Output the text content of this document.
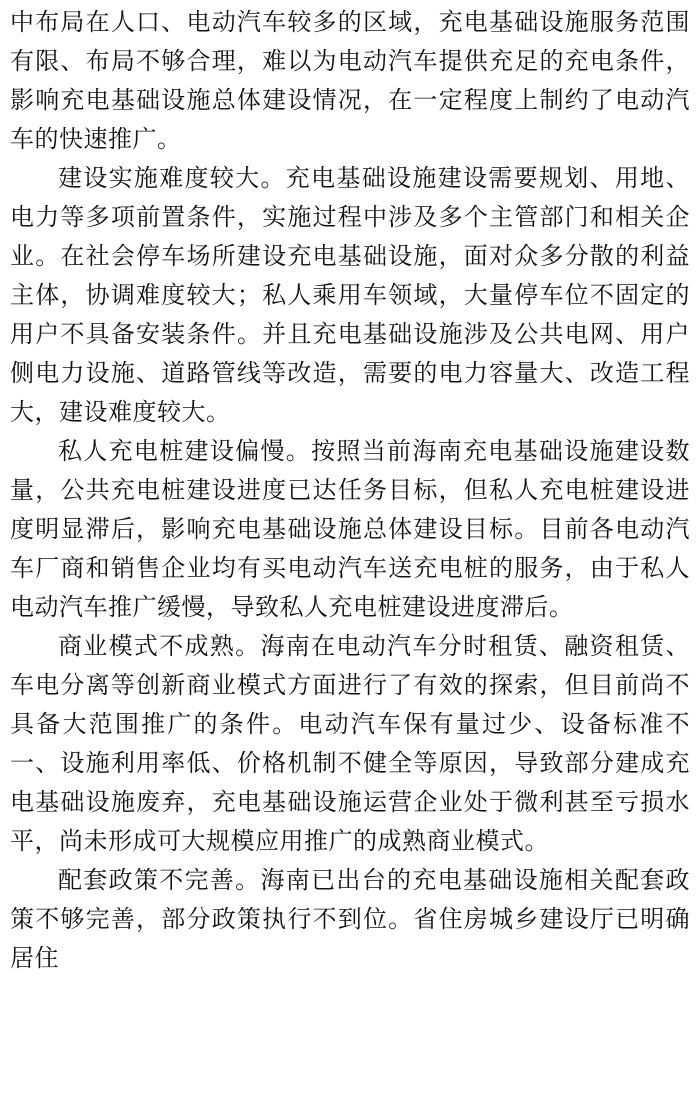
中布局在人口、电动汽车较多的区域，充电基础设施服务范围有限、布局不够合理，难以为电动汽车提供充足的充电条件，影响充电基础设施总体建设情况，在一定程度上制约了电动汽车的快速推广。

建设实施难度较大。充电基础设施建设需要规划、用地、电力等多项前置条件，实施过程中涉及多个主管部门和相关企业。在社会停车场所建设充电基础设施，面对众多分散的利益主体，协调难度较大；私人乘用车领域，大量停车位不固定的用户不具备安装条件。并且充电基础设施涉及公共电网、用户侧电力设施、道路管线等改造，需要的电力容量大、改造工程大，建设难度较大。

私人充电桩建设偏慢。按照当前海南充电基础设施建设数量，公共充电桩建设进度已达任务目标，但私人充电桩建设进度明显滞后，影响充电基础设施总体建设目标。目前各电动汽车厂商和销售企业均有买电动汽车送充电桩的服务，由于私人电动汽车推广缓慢，导致私人充电桩建设进度滞后。

商业模式不成熟。海南在电动汽车分时租赁、融资租赁、车电分离等创新商业模式方面进行了有效的探索，但目前尚不具备大范围推广的条件。电动汽车保有量过少、设备标准不一、设施利用率低、价格机制不健全等原因，导致部分建成充电基础设施废弃，充电基础设施运营企业处于微利甚至亏损水平，尚未形成可大规模应用推广的成熟商业模式。

配套政策不完善。海南已出台的充电基础设施相关配套政策不够完善，部分政策执行不到位。省住房城乡建设厅已明确居住
